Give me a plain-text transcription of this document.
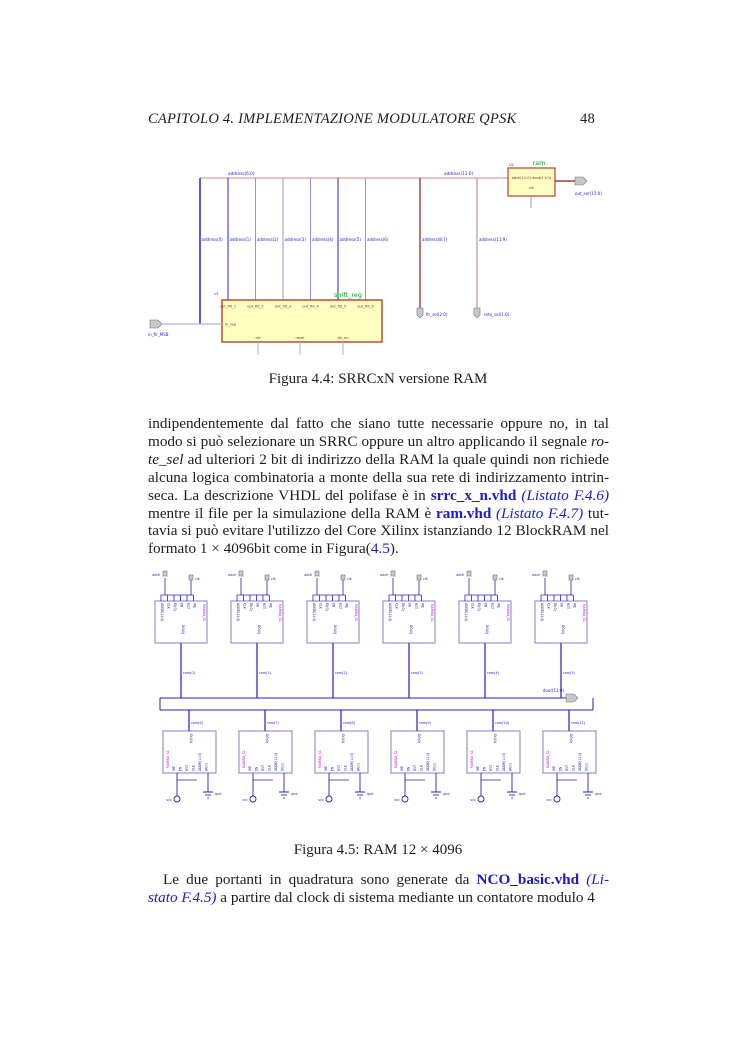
CAPITOLO 4. IMPLEMENTAZIONE MODULATORE QPSK	48
address(6:0)	address(11:0)
address(0) address(1) address(2) address(3) address(4) address(5) address(6)	address(8:7)
fir_sel(2:0)
address(11:9)
rote_sel(1:0)
ram
U2
addr(11:0) dout(11:0)
clk
out_ser(11:0)
shift_reg
U1
out_fld_1	out_fld_2	out_fld_3	out_fld_4	out_fld_5	out_fld_6
in_reg
clk	reset	clk_en
in_fir_MSB
Figura 4.4: SRRCxN versione RAM
indipendentemente dal fatto che siano tutte necessarie oppure no, in tal
modo si può selezionare un SRRC oppure un altro applicando il segnale ro-
te_sel ad ulteriori 2 bit di indirizzo della RAM la quale quindi non richiede
alcuna logica combinatoria a monte della sua rete di indirizzamento intrin-
seca. La descrizione VHDL del polifase è in srrc_x_n.vhd (Listato F.4.6)
mentre il file per la simulazione della RAM è ram.vhd (Listato F.4.7) tut-
tavia si può evitare l'utilizzo del Core Xilinx istanziando 12 BlockRAM nel
formato 1 × 4096bit come in Figura(4.5).
dout(11:0)
ADDR(11:0) CLK DI(0) EN RST WE RAMB4_S1
DO(0)
addr
clk
ram(0)
ADDR(11:0) CLK DI(0) EN RST WE RAMB4_S1
DO(0)
addr
clk
ram(1)
ADDR(11:0) CLK DI(0) EN RST WE RAMB4_S1
DO(0)
addr
clk
ram(2)
ADDR(11:0) CLK DI(0) EN RST WE RAMB4_S1
DO(0)
addr
clk
ram(3)
ADDR(11:0) CLK DI(0) EN RST WE RAMB4_S1
DO(0)
addr
clk
ram(4)
ADDR(11:0) CLK DI(0) EN RST WE RAMB4_S1
DO(0)
addr
clk
ram(5)
DO(0)
RAMB4_S1
WE EN RST CLK ADDR(11:0) DI(0)
vcc
gnd
ram(6)
DO(0)
RAMB4_S1
WE EN RST CLK ADDR(11:0) DI(0)
vcc
gnd
ram(7)
DO(0)
RAMB4_S1
WE EN RST CLK ADDR(11:0) DI(0)
vcc
gnd
ram(8)
DO(0)
RAMB4_S1
WE EN RST CLK ADDR(11:0) DI(0)
vcc
gnd
ram(9)
DO(0)
RAMB4_S1
WE EN RST CLK ADDR(11:0) DI(0)
vcc
gnd
ram(10)
DO(0)
RAMB4_S1
WE EN RST CLK ADDR(11:0) DI(0)
vcc
gnd
ram(11)
Figura 4.5: RAM 12 × 4096
Le due portanti in quadratura sono generate da NCO_basic.vhd (Li-
stato F.4.5) a partire dal clock di sistema mediante un contatore modulo 4
